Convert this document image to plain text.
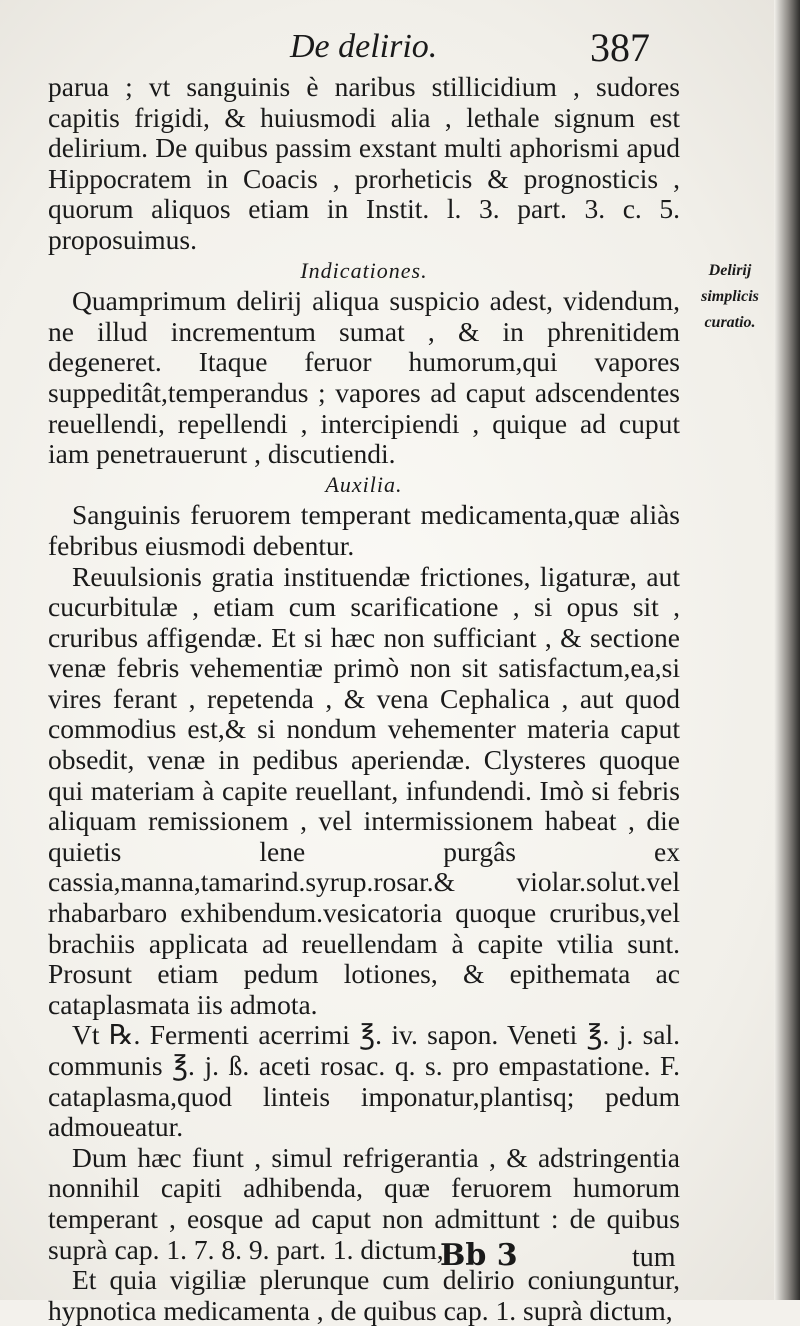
De delirio.	387
Delirij simplicis curatio.

parua ; vt sanguinis è naribus stillicidium , sudores capitis frigidi, & huiusmodi alia , lethale signum est delirium. De quibus passim exstant multi aphorismi apud Hippocratem in Coacis , prorheticis & prognosticis , quorum aliquos etiam in Instit. l. 3. part. 3. c. 5. proposuimus.

Indicationes.

Quamprimum delirij aliqua suspicio adest, videndum, ne illud incrementum sumat , & in phrenitidem degeneret. Itaque feruor humorum,qui vapores suppeditât,temperandus ; vapores ad caput adscendentes reuellendi, repellendi , intercipiendi , quique ad cuput iam penetrauerunt , discutiendi.

Auxilia.

Sanguinis feruorem temperant medicamenta,quæ aliàs febribus eiusmodi debentur.

Reuulsionis gratia instituendæ frictiones, ligaturæ, aut cucurbitulæ , etiam cum scarificatione , si opus sit , cruribus affigendæ. Et si hæc non sufficiant , & sectione venæ febris vehementiæ primò non sit satisfactum,ea,si vires ferant , repetenda , & vena Cephalica , aut quod commodius est,& si nondum vehementer materia caput obsedit, venæ in pedibus aperiendæ. Clysteres quoque qui materiam à capite reuellant, infundendi. Imò si febris aliquam remissionem , vel intermissionem habeat , die quietis lene purgâs ex cassia,manna,tamarind.syrup.rosar.& violar.solut.vel rhabarbaro exhibendum.vesicatoria quoque cruribus,vel brachiis applicata ad reuellendam à capite vtilia sunt. Prosunt etiam pedum lotiones, & epithemata ac cataplasmata iis admota.

Vt ℞. Fermenti acerrimi ℥. iv. sapon. Veneti ℥. j. sal. communis ℥. j. ß. aceti rosac. q. s. pro empastatione. F. cataplasma,quod linteis imponatur,plantisq; pedum admoueatur.

Dum hæc fiunt , simul refrigerantia , & adstringentia nonnihil capiti adhibenda, quæ feruorem humorum temperant , eosque ad caput non admittunt : de quibus suprà cap. 1. 7. 8. 9. part. 1. dictum,

Et quia vigiliæ plerunque cum delirio coniunguntur, hypnotica medicamenta , de quibus cap. 1. suprà dictum,

Bb 3	tum
